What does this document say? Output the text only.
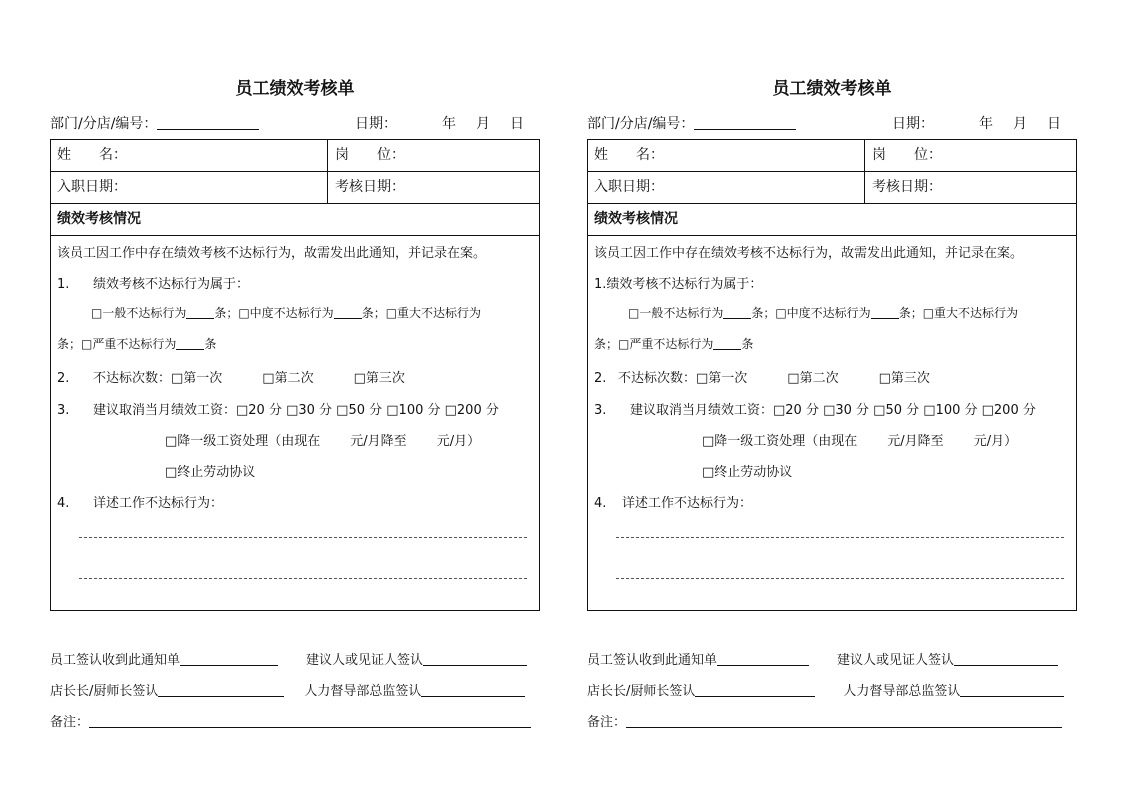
员工绩效考核单
部门/分店/编号：	日期：	年 月 日
姓　　名：	岗　　位：
入职日期：	考核日期：
绩效考核情况
该员工因工作中存在绩效考核不达标行为，故需发出此通知，并记录在案。
1. 绩效考核不达标行为属于：
□一般不达标行为 条；□中度不达标行为 条；□重大不达标行为
条；□严重不达标行为 条
2. 不达标次数：□第一次	□第二次	□第三次
3. 建议取消当月绩效工资：□20 分 □30 分 □50 分 □100 分 □200 分
□降一级工资处理（由现在 元/月降至 元/月）
□终止劳动协议
4. 详述工作不达标行为：
员工签认收到此通知单	建议人或见证人签认
店长长/厨师长签认	人力督导部总监签认
备注：
员工绩效考核单
部门/分店/编号：	日期：	年 月 日
姓　　名：	岗　　位：
入职日期：	考核日期：
绩效考核情况
该员工因工作中存在绩效考核不达标行为，故需发出此通知，并记录在案。
1.绩效考核不达标行为属于：
□一般不达标行为 条；□中度不达标行为 条；□重大不达标行为
条；□严重不达标行为 条
2. 不达标次数：□第一次	□第二次	□第三次
3. 建议取消当月绩效工资：□20 分 □30 分 □50 分 □100 分 □200 分
□降一级工资处理（由现在 元/月降至 元/月）
□终止劳动协议
4. 详述工作不达标行为：
员工签认收到此通知单	建议人或见证人签认
店长长/厨师长签认	人力督导部总监签认
备注：
